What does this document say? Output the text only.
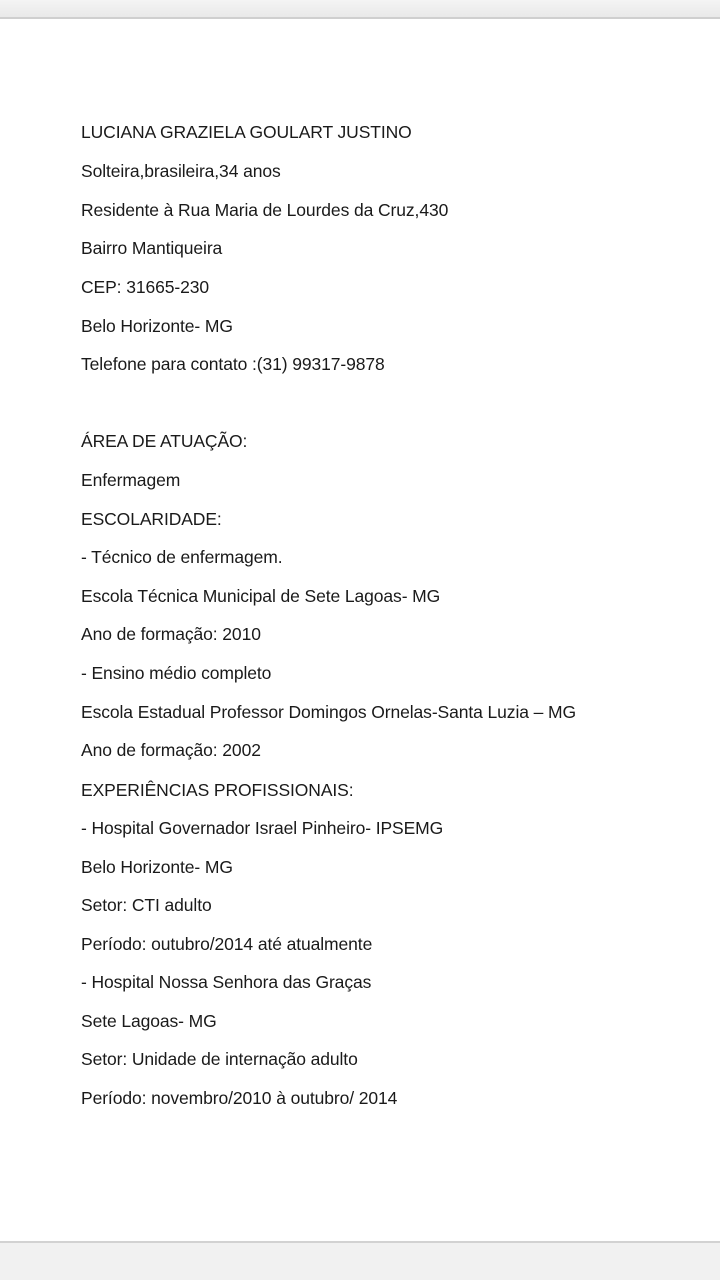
LUCIANA GRAZIELA GOULART JUSTINO
Solteira,brasileira,34 anos
Residente à Rua Maria de Lourdes da Cruz,430
Bairro Mantiqueira
CEP: 31665-230
Belo Horizonte- MG
Telefone para contato :(31) 99317-9878
ÁREA DE ATUAÇÃO:
Enfermagem
ESCOLARIDADE:
- Técnico de enfermagem.
Escola Técnica Municipal de Sete Lagoas- MG
Ano de formação: 2010
- Ensino médio completo
Escola Estadual Professor Domingos Ornelas-Santa Luzia – MG
Ano de formação: 2002
EXPERIÊNCIAS PROFISSIONAIS:
- Hospital Governador Israel Pinheiro- IPSEMG
Belo Horizonte- MG
Setor: CTI adulto
Período: outubro/2014 até atualmente
- Hospital Nossa Senhora das Graças
Sete Lagoas- MG
Setor: Unidade de internação adulto
Período: novembro/2010 à outubro/ 2014
